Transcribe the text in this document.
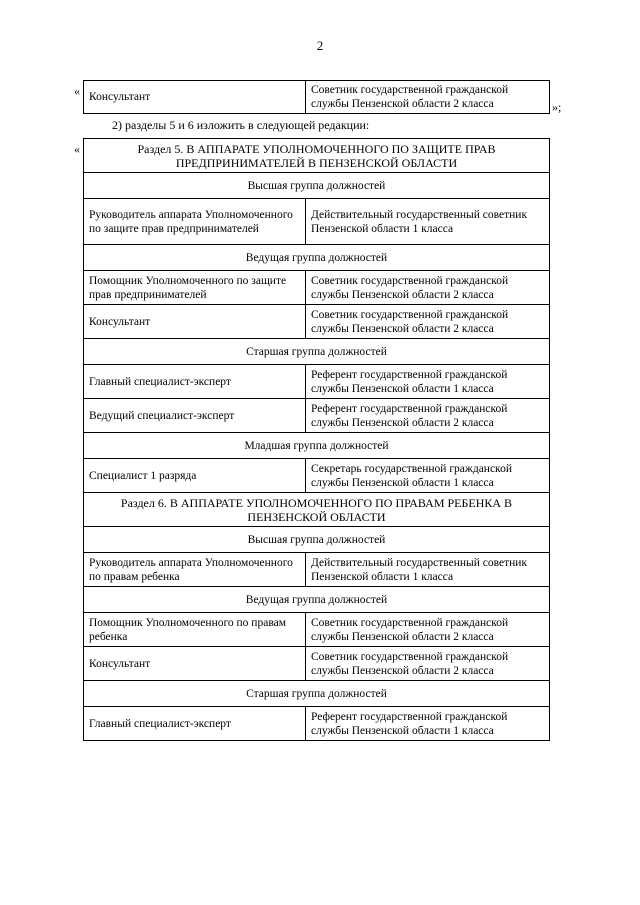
2
« Консультант	Советник государственной гражданской службы Пензенской области 2 класса	»;
2) разделы 5 и 6 изложить в следующей редакции:
«	Раздел 5. В АППАРАТЕ УПОЛНОМОЧЕННОГО ПО ЗАЩИТЕ ПРАВ ПРЕДПРИНИМАТЕЛЕЙ В ПЕНЗЕНСКОЙ ОБЛАСТИ	
Высшая группа должностей	
Руководитель аппарата Уполномоченного по защите прав предпринимателей	Действительный государственный советник Пензенской области 1 класса
Ведущая группа должностей	
Помощник Уполномоченного по защите прав предпринимателей	Советник государственной гражданской службы Пензенской области 2 класса
Консультант	Советник государственной гражданской службы Пензенской области 2 класса
Старшая группа должностей	
Главный специалист-эксперт	Референт государственной гражданской службы Пензенской области 1 класса
Ведущий специалист-эксперт	Референт государственной гражданской службы Пензенской области 2 класса
Младшая группа должностей	
Специалист 1 разряда	Секретарь государственной гражданской службы Пензенской области 1 класса
Раздел 6. В АППАРАТЕ УПОЛНОМОЧЕННОГО ПО ПРАВАМ РЕБЕНКА В ПЕНЗЕНСКОЙ ОБЛАСТИ	
Высшая группа должностей	
Руководитель аппарата Уполномоченного по правам ребенка	Действительный государственный советник Пензенской области 1 класса
Ведущая группа должностей	
Помощник Уполномоченного по правам ребенка	Советник государственной гражданской службы Пензенской области 2 класса
Консультант	Советник государственной гражданской службы Пензенской области 2 класса
Старшая группа должностей	
Главный специалист-эксперт	Референт государственной гражданской службы Пензенской области 1 класса
